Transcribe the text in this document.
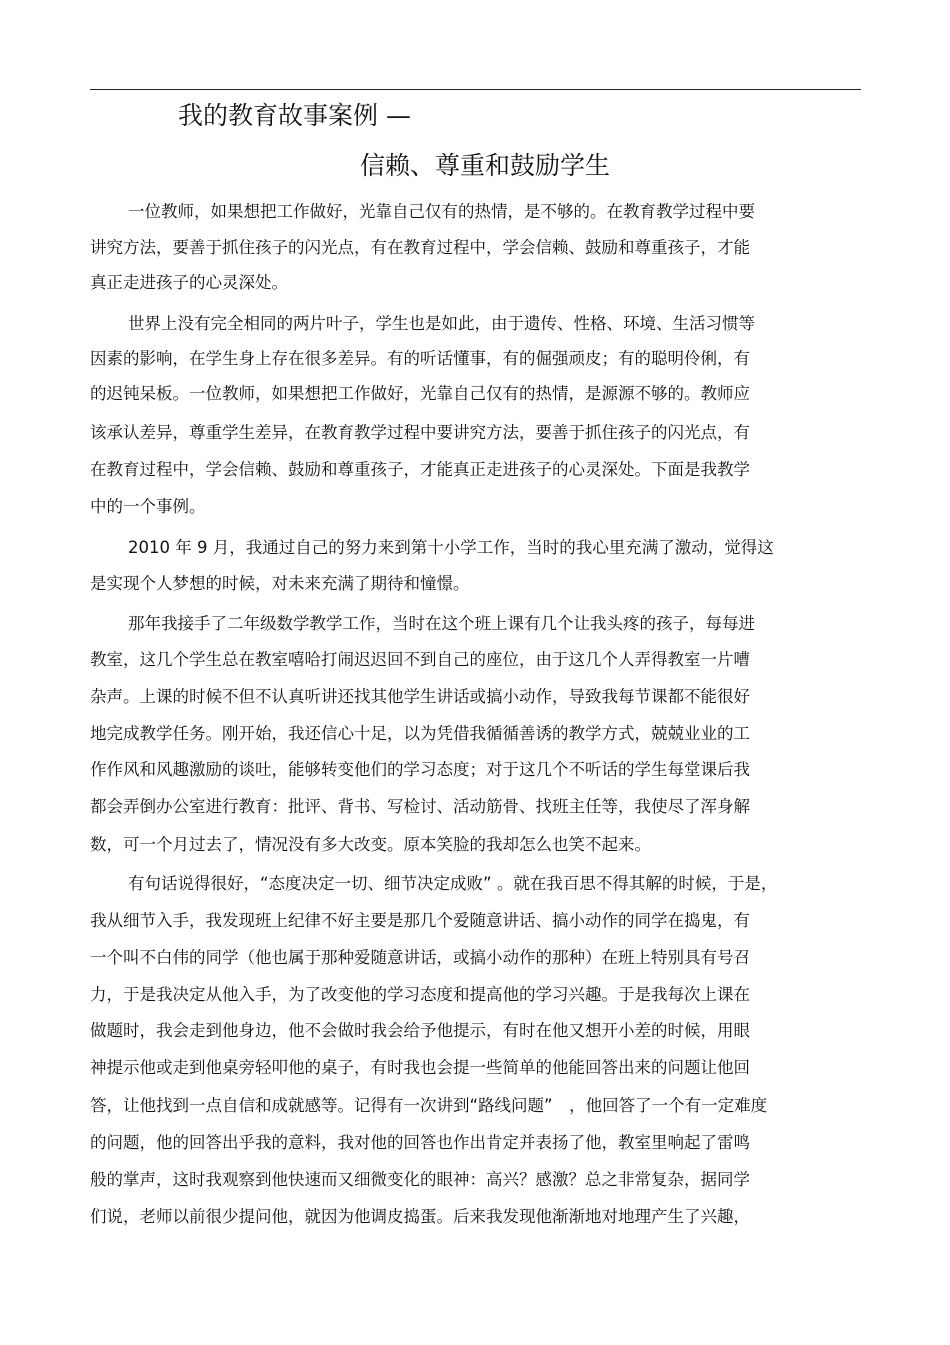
我的教育故事案例 —
信赖、尊重和鼓励学生
一位教师，如果想把工作做好，光靠自己仅有的热情，是不够的。在教育教学过程中要
讲究方法，要善于抓住孩子的闪光点，有在教育过程中，学会信赖、鼓励和尊重孩子，才能
真正走进孩子的心灵深处。
世界上没有完全相同的两片叶子，学生也是如此，由于遗传、性格、环境、生活习惯等
因素的影响，在学生身上存在很多差异。有的听话懂事，有的倔强顽皮；有的聪明伶俐，有
的迟钝呆板。一位教师，如果想把工作做好，光靠自己仅有的热情，是源源不够的。教师应
该承认差异，尊重学生差异，在教育教学过程中要讲究方法，要善于抓住孩子的闪光点，有
在教育过程中，学会信赖、鼓励和尊重孩子，才能真正走进孩子的心灵深处。下面是我教学
中的一个事例。
2010 年 9 月，我通过自己的努力来到第十小学工作，当时的我心里充满了激动，觉得这
是实现个人梦想的时候，对未来充满了期待和憧憬。
那年我接手了二年级数学教学工作，当时在这个班上课有几个让我头疼的孩子，每每进
教室，这几个学生总在教室嘻哈打闹迟迟回不到自己的座位，由于这几个人弄得教室一片嘈
杂声。上课的时候不但不认真听讲还找其他学生讲话或搞小动作，导致我每节课都不能很好
地完成教学任务。刚开始，我还信心十足，以为凭借我循循善诱的教学方式，兢兢业业的工
作作风和风趣激励的谈吐，能够转变他们的学习态度；对于这几个不听话的学生每堂课后我
都会弄倒办公室进行教育：批评、背书、写检讨、活动筋骨、找班主任等，我使尽了浑身解
数，可一个月过去了，情况没有多大改变。原本笑脸的我却怎么也笑不起来。
有句话说得很好，“态度决定一切、细节决定成败” 。就在我百思不得其解的时候，于是，
我从细节入手，我发现班上纪律不好主要是那几个爱随意讲话、搞小动作的同学在捣鬼，有
一个叫不白伟的同学（他也属于那种爱随意讲话，或搞小动作的那种）在班上特别具有号召
力，于是我决定从他入手，为了改变他的学习态度和提高他的学习兴趣。于是我每次上课在
做题时，我会走到他身边，他不会做时我会给予他提示，有时在他又想开小差的时候，用眼
神提示他或走到他桌旁轻叩他的桌子，有时我也会提一些简单的他能回答出来的问题让他回
答，让他找到一点自信和成就感等。记得有一次讲到“路线问题”　，他回答了一个有一定难度
的问题，他的回答出乎我的意料，我对他的回答也作出肯定并表扬了他，教室里响起了雷鸣
般的掌声，这时我观察到他快速而又细微变化的眼神：高兴？感激？总之非常复杂，据同学
们说，老师以前很少提问他，就因为他调皮捣蛋。后来我发现他渐渐地对地理产生了兴趣，
